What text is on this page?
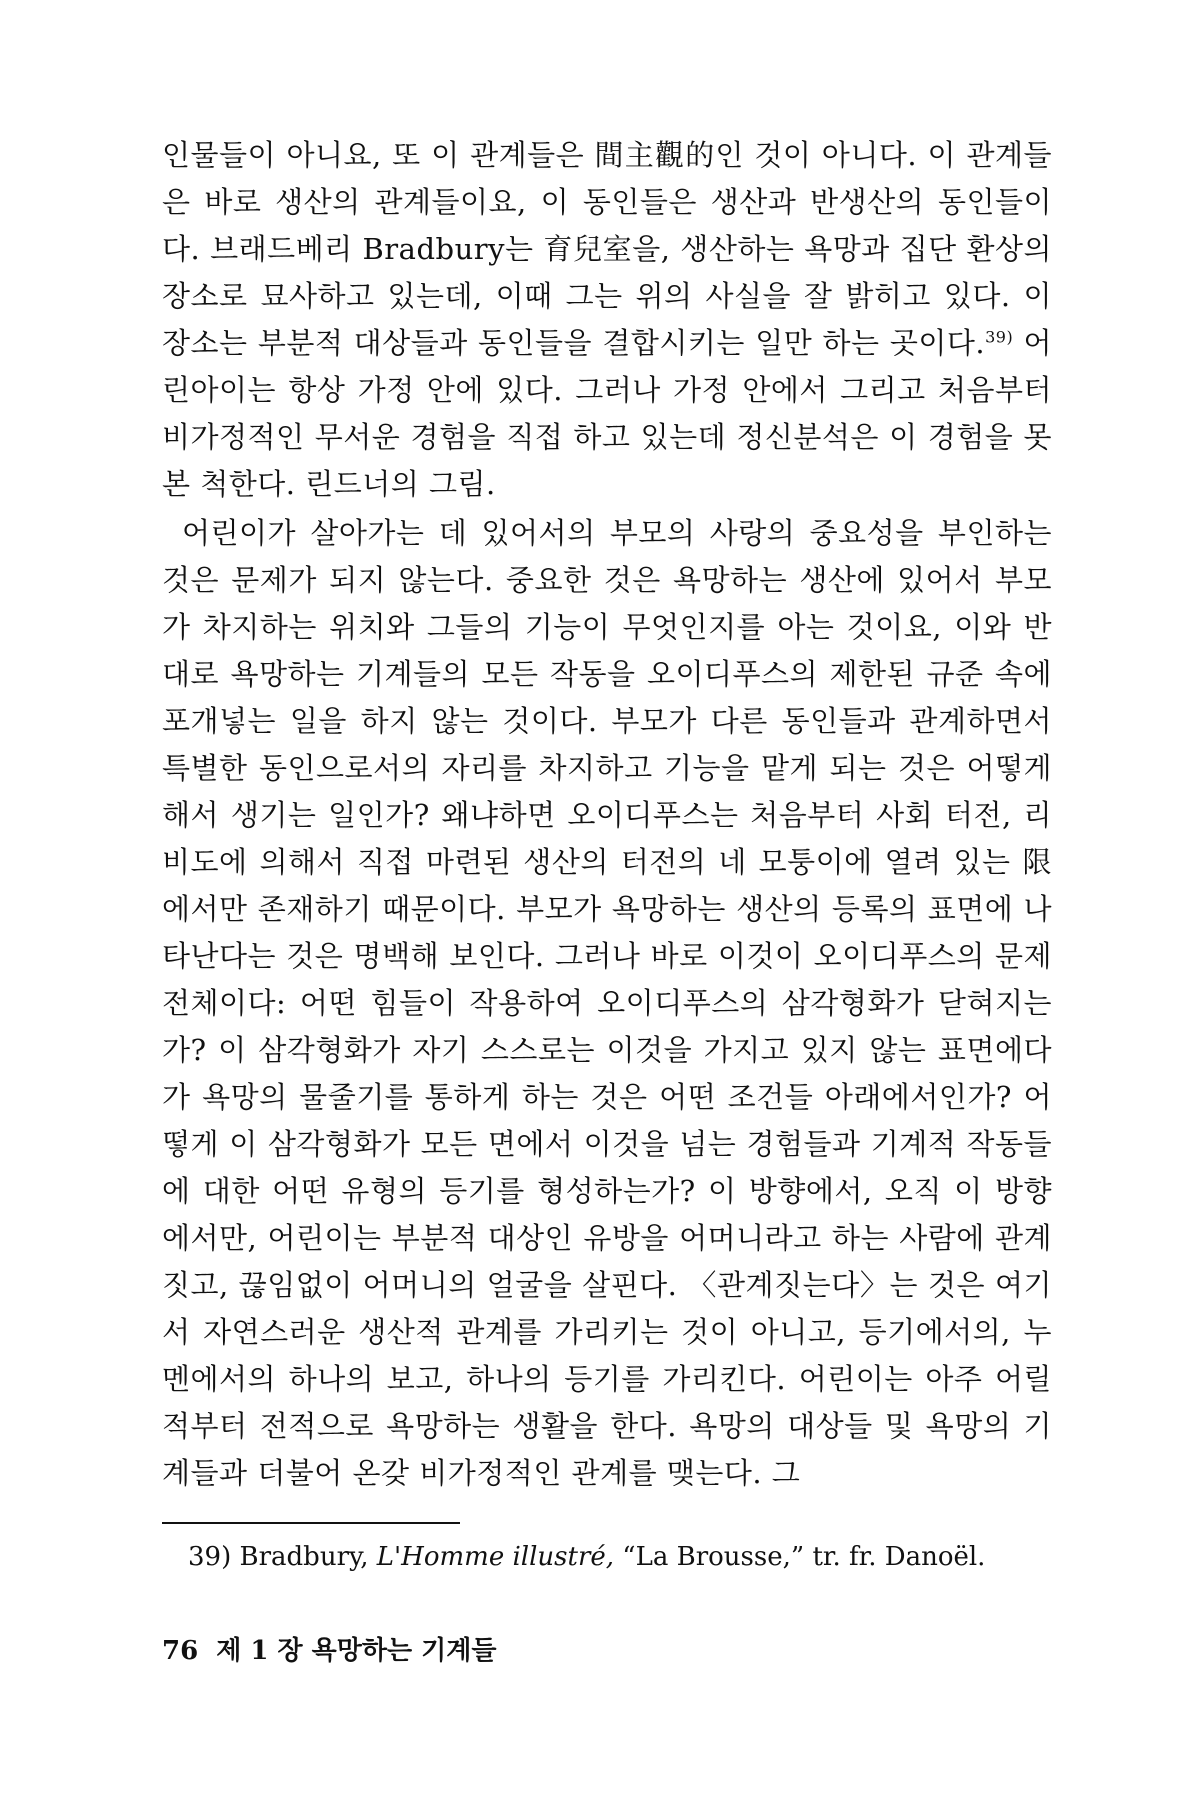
인물들이 아니요, 또 이 관계들은 間主觀的인 것이 아니다. 이 관계들은 바로 생산의 관계들이요, 이 동인들은 생산과 반생산의 동인들이다. 브래드베리 Bradbury는 育兒室을, 생산하는 욕망과 집단 환상의 장소로 묘사하고 있는데, 이때 그는 위의 사실을 잘 밝히고 있다. 이 장소는 부분적 대상들과 동인들을 결합시키는 일만 하는 곳이다.$^{39)}$ 어린아이는 항상 가정 안에 있다. 그러나 가정 안에서 그리고 처음부터 비가정적인 무서운 경험을 직접 하고 있는데 정신분석은 이 경험을 못 본 척한다. 린드너의 그림.

어린이가 살아가는 데 있어서의 부모의 사랑의 중요성을 부인하는 것은 문제가 되지 않는다. 중요한 것은 욕망하는 생산에 있어서 부모가 차지하는 위치와 그들의 기능이 무엇인지를 아는 것이요, 이와 반대로 욕망하는 기계들의 모든 작동을 오이디푸스의 제한된 규준 속에 포개넣는 일을 하지 않는 것이다. 부모가 다른 동인들과 관계하면서 특별한 동인으로서의 자리를 차지하고 기능을 맡게 되는 것은 어떻게 해서 생기는 일인가? 왜냐하면 오이디푸스는 처음부터 사회 터전, 리비도에 의해서 직접 마련된 생산의 터전의 네 모퉁이에 열려 있는 限에서만 존재하기 때문이다. 부모가 욕망하는 생산의 등록의 표면에 나타난다는 것은 명백해 보인다. 그러나 바로 이것이 오이디푸스의 문제 전체이다: 어떤 힘들이 작용하여 오이디푸스의 삼각형화가 닫혀지는가? 이 삼각형화가 자기 스스로는 이것을 가지고 있지 않는 표면에다가 욕망의 물줄기를 통하게 하는 것은 어떤 조건들 아래에서인가? 어떻게 이 삼각형화가 모든 면에서 이것을 넘는 경험들과 기계적 작동들에 대한 어떤 유형의 등기를 형성하는가? 이 방향에서, 오직 이 방향에서만, 어린이는 부분적 대상인 유방을 어머니라고 하는 사람에 관계짓고, 끊임없이 어머니의 얼굴을 살핀다. 〈관계짓는다〉는 것은 여기서 자연스러운 생산적 관계를 가리키는 것이 아니고, 등기에서의, 누멘에서의 하나의 보고, 하나의 등기를 가리킨다. 어린이는 아주 어릴적부터 전적으로 욕망하는 생활을 한다. 욕망의 대상들 및 욕망의 기계들과 더불어 온갖 비가정적인 관계를 맺는다. 그

39) Bradbury, L'Homme illustré, “La Brousse,” tr. fr. Danoël.
76 제 1 장 욕망하는 기계들
